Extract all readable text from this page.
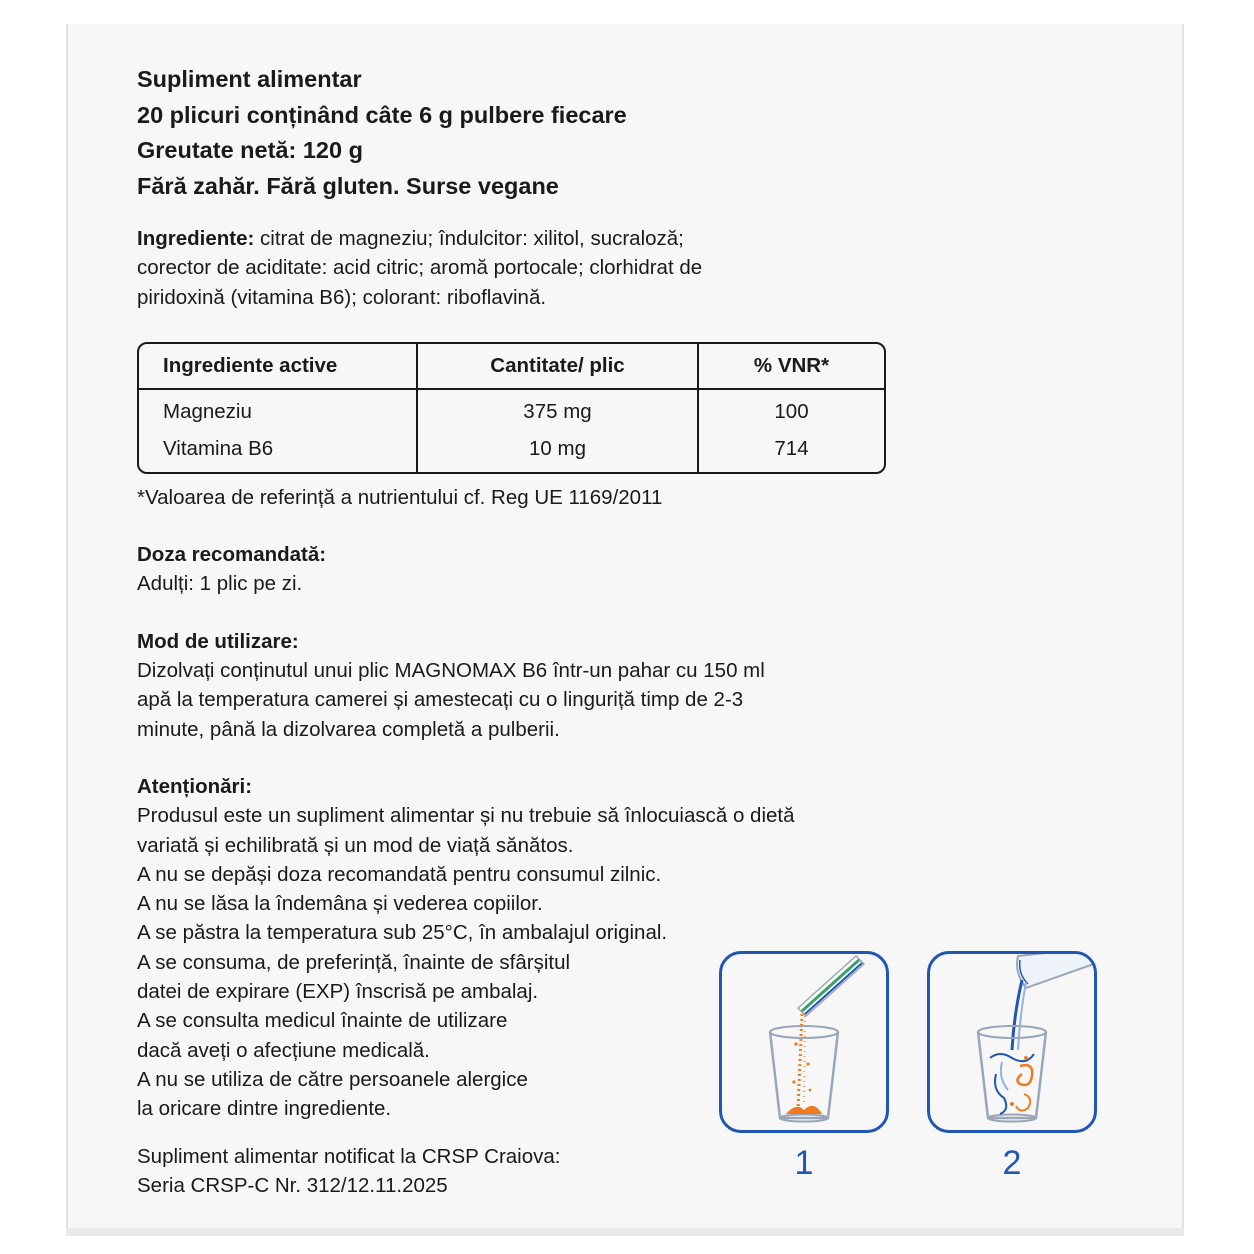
Supliment alimentar

20 plicuri conținând câte 6 g pulbere fiecare

Greutate netă: 120 g

Fără zahăr. Fără gluten. Surse vegane

Ingrediente: citrat de magneziu; îndulcitor: xilitol, sucraloză;

corector de aciditate: acid citric; aromă portocale; clorhidrat de

piridoxină (vitamina B6); colorant: riboflavină.

Ingrediente active	Cantitate/ plic	% VNR*
Magneziu	375 mg	100
Vitamina B6	10 mg	714

*Valoarea de referință a nutrientului cf. Reg UE 1169/2011

Doza recomandată:

Adulți: 1 plic pe zi.

Mod de utilizare:

Dizolvați conținutul unui plic MAGNOMAX B6 într-un pahar cu 150 ml

apă la temperatura camerei și amestecați cu o linguriță timp de 2-3

minute, până la dizolvarea completă a pulberii.

Atenționări:

Produsul este un supliment alimentar și nu trebuie să înlocuiască o dietă

variată și echilibrată și un mod de viață sănătos.

A nu se depăși doza recomandată pentru consumul zilnic.

A nu se lăsa la îndemâna și vederea copiilor.

A se păstra la temperatura sub 25°C, în ambalajul original.

A se consuma, de preferință, înainte de sfârșitul

datei de expirare (EXP) înscrisă pe ambalaj.

A se consulta medicul înainte de utilizare

dacă aveți o afecțiune medicală.

A nu se utiliza de către persoanele alergice

la oricare dintre ingrediente.

Supliment alimentar notificat la CRSP Craiova:

Seria CRSP-C Nr. 312/12.11.2025

1	2
